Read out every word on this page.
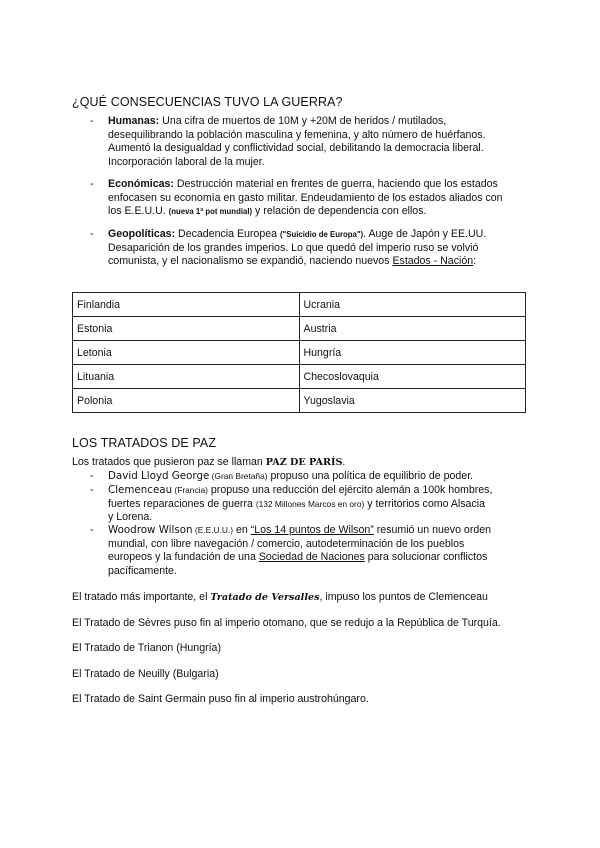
¿QUÉ CONSECUENCIAS TUVO LA GUERRA?
- Humanas: Una cifra de muertos de 10M y +20M de heridos / mutilados,
desequilibrando la población masculina y femenina, y alto número de huérfanos.
Aumentó la desigualdad y conflictividad social, debilitando la democracia liberal.
Incorporación laboral de la mujer.
- Económicas: Destrucción material en frentes de guerra, haciendo que los estados
enfocasen su economía en gasto militar. Endeudamiento de los estados aliados con
los E.E.U.U. (nueva 1ª pot mundial) y relación de dependencia con ellos.
- Geopolíticas: Decadencia Europea ("Suicidio de Europa"). Auge de Japón y EE.UU.
Desaparición de los grandes imperios. Lo que quedó del imperio ruso se volvió
comunista, y el nacionalismo se expandió, naciendo nuevos Estados - Nación:
Finlandia	Ucrania
Estonia	Austria
Letonia	Hungría
Lituania	Checoslovaquia
Polonia	Yugoslavia
LOS TRATADOS DE PAZ

Los tratados que pusieron paz se llaman PAZ DE PARÍS.

- David Lloyd George (Gran Bretaña) propuso una política de equilibrio de poder.
- Clemenceau (Francia) propuso una reducción del ejército alemán a 100k hombres,
fuertes reparaciones de guerra (132 Millones Marcos en oro) y territorios como Alsacia
y Lorena.
- Woodrow Wilson (E.E.U.U.) en “Los 14 puntos de Wilson” resumió un nuevo orden
mundial, con libre navegación / comercio, autodeterminación de los pueblos
europeos y la fundación de una Sociedad de Naciones para solucionar conflictos
pacíficamente.

El tratado más importante, el Tratado de Versalles, impuso los puntos de Clemenceau

El Tratado de Sèvres puso fin al imperio otomano, que se redujo a la República de Turquía.

El Tratado de Trianon (Hungría)

El Tratado de Neuilly (Bulgaria)

El Tratado de Saint Germain puso fin al imperio austrohúngaro.
